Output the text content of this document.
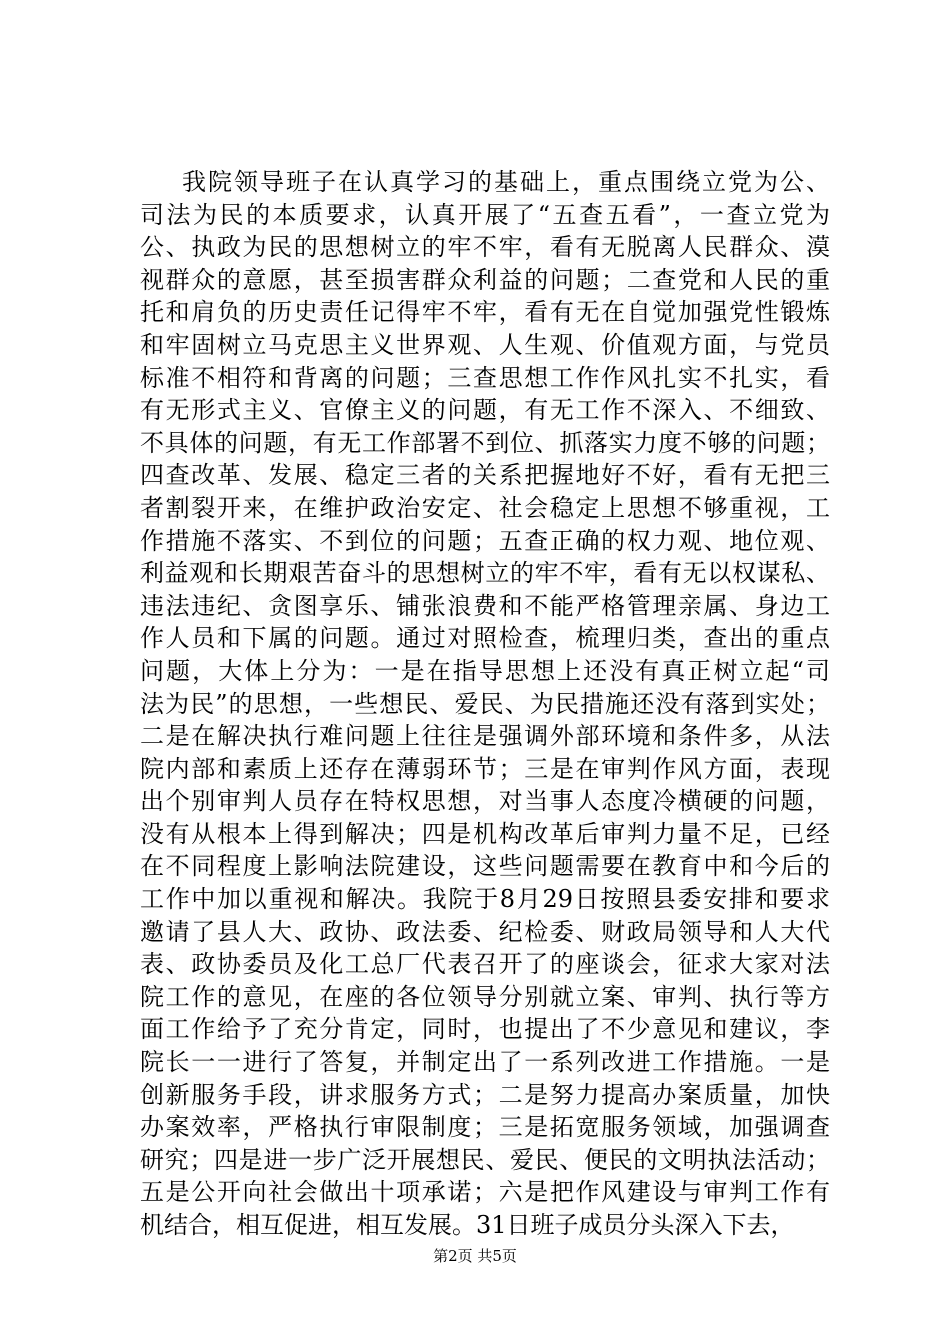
我院领导班子在认真学习的基础上，重点围绕立党为公、
司法为民的本质要求，认真开展了“五查五看”，一查立党为
公、执政为民的思想树立的牢不牢，看有无脱离人民群众、漠
视群众的意愿，甚至损害群众利益的问题；二查党和人民的重
托和肩负的历史责任记得牢不牢，看有无在自觉加强党性锻炼
和牢固树立马克思主义世界观、人生观、价值观方面，与党员
标准不相符和背离的问题；三查思想工作作风扎实不扎实，看
有无形式主义、官僚主义的问题，有无工作不深入、不细致、
不具体的问题，有无工作部署不到位、抓落实力度不够的问题；
四查改革、发展、稳定三者的关系把握地好不好，看有无把三
者割裂开来，在维护政治安定、社会稳定上思想不够重视，工
作措施不落实、不到位的问题；五查正确的权力观、地位观、
利益观和长期艰苦奋斗的思想树立的牢不牢，看有无以权谋私、
违法违纪、贪图享乐、铺张浪费和不能严格管理亲属、身边工
作人员和下属的问题。通过对照检查，梳理归类，查出的重点
问题，大体上分为：一是在指导思想上还没有真正树立起“司
法为民”的思想，一些想民、爱民、为民措施还没有落到实处；
二是在解决执行难问题上往往是强调外部环境和条件多，从法
院内部和素质上还存在薄弱环节；三是在审判作风方面，表现
出个别审判人员存在特权思想，对当事人态度冷横硬的问题，
没有从根本上得到解决；四是机构改革后审判力量不足，已经
在不同程度上影响法院建设，这些问题需要在教育中和今后的
工作中加以重视和解决。我院于8月29日按照县委安排和要求
邀请了县人大、政协、政法委、纪检委、财政局领导和人大代
表、政协委员及化工总厂代表召开了的座谈会，征求大家对法
院工作的意见，在座的各位领导分别就立案、审判、执行等方
面工作给予了充分肯定，同时，也提出了不少意见和建议，李
院长一一进行了答复，并制定出了一系列改进工作措施。一是
创新服务手段，讲求服务方式；二是努力提高办案质量，加快
办案效率，严格执行审限制度；三是拓宽服务领域，加强调查
研究；四是进一步广泛开展想民、爱民、便民的文明执法活动；
五是公开向社会做出十项承诺；六是把作风建设与审判工作有
机结合，相互促进，相互发展。31日班子成员分头深入下去，
第2页 共5页
